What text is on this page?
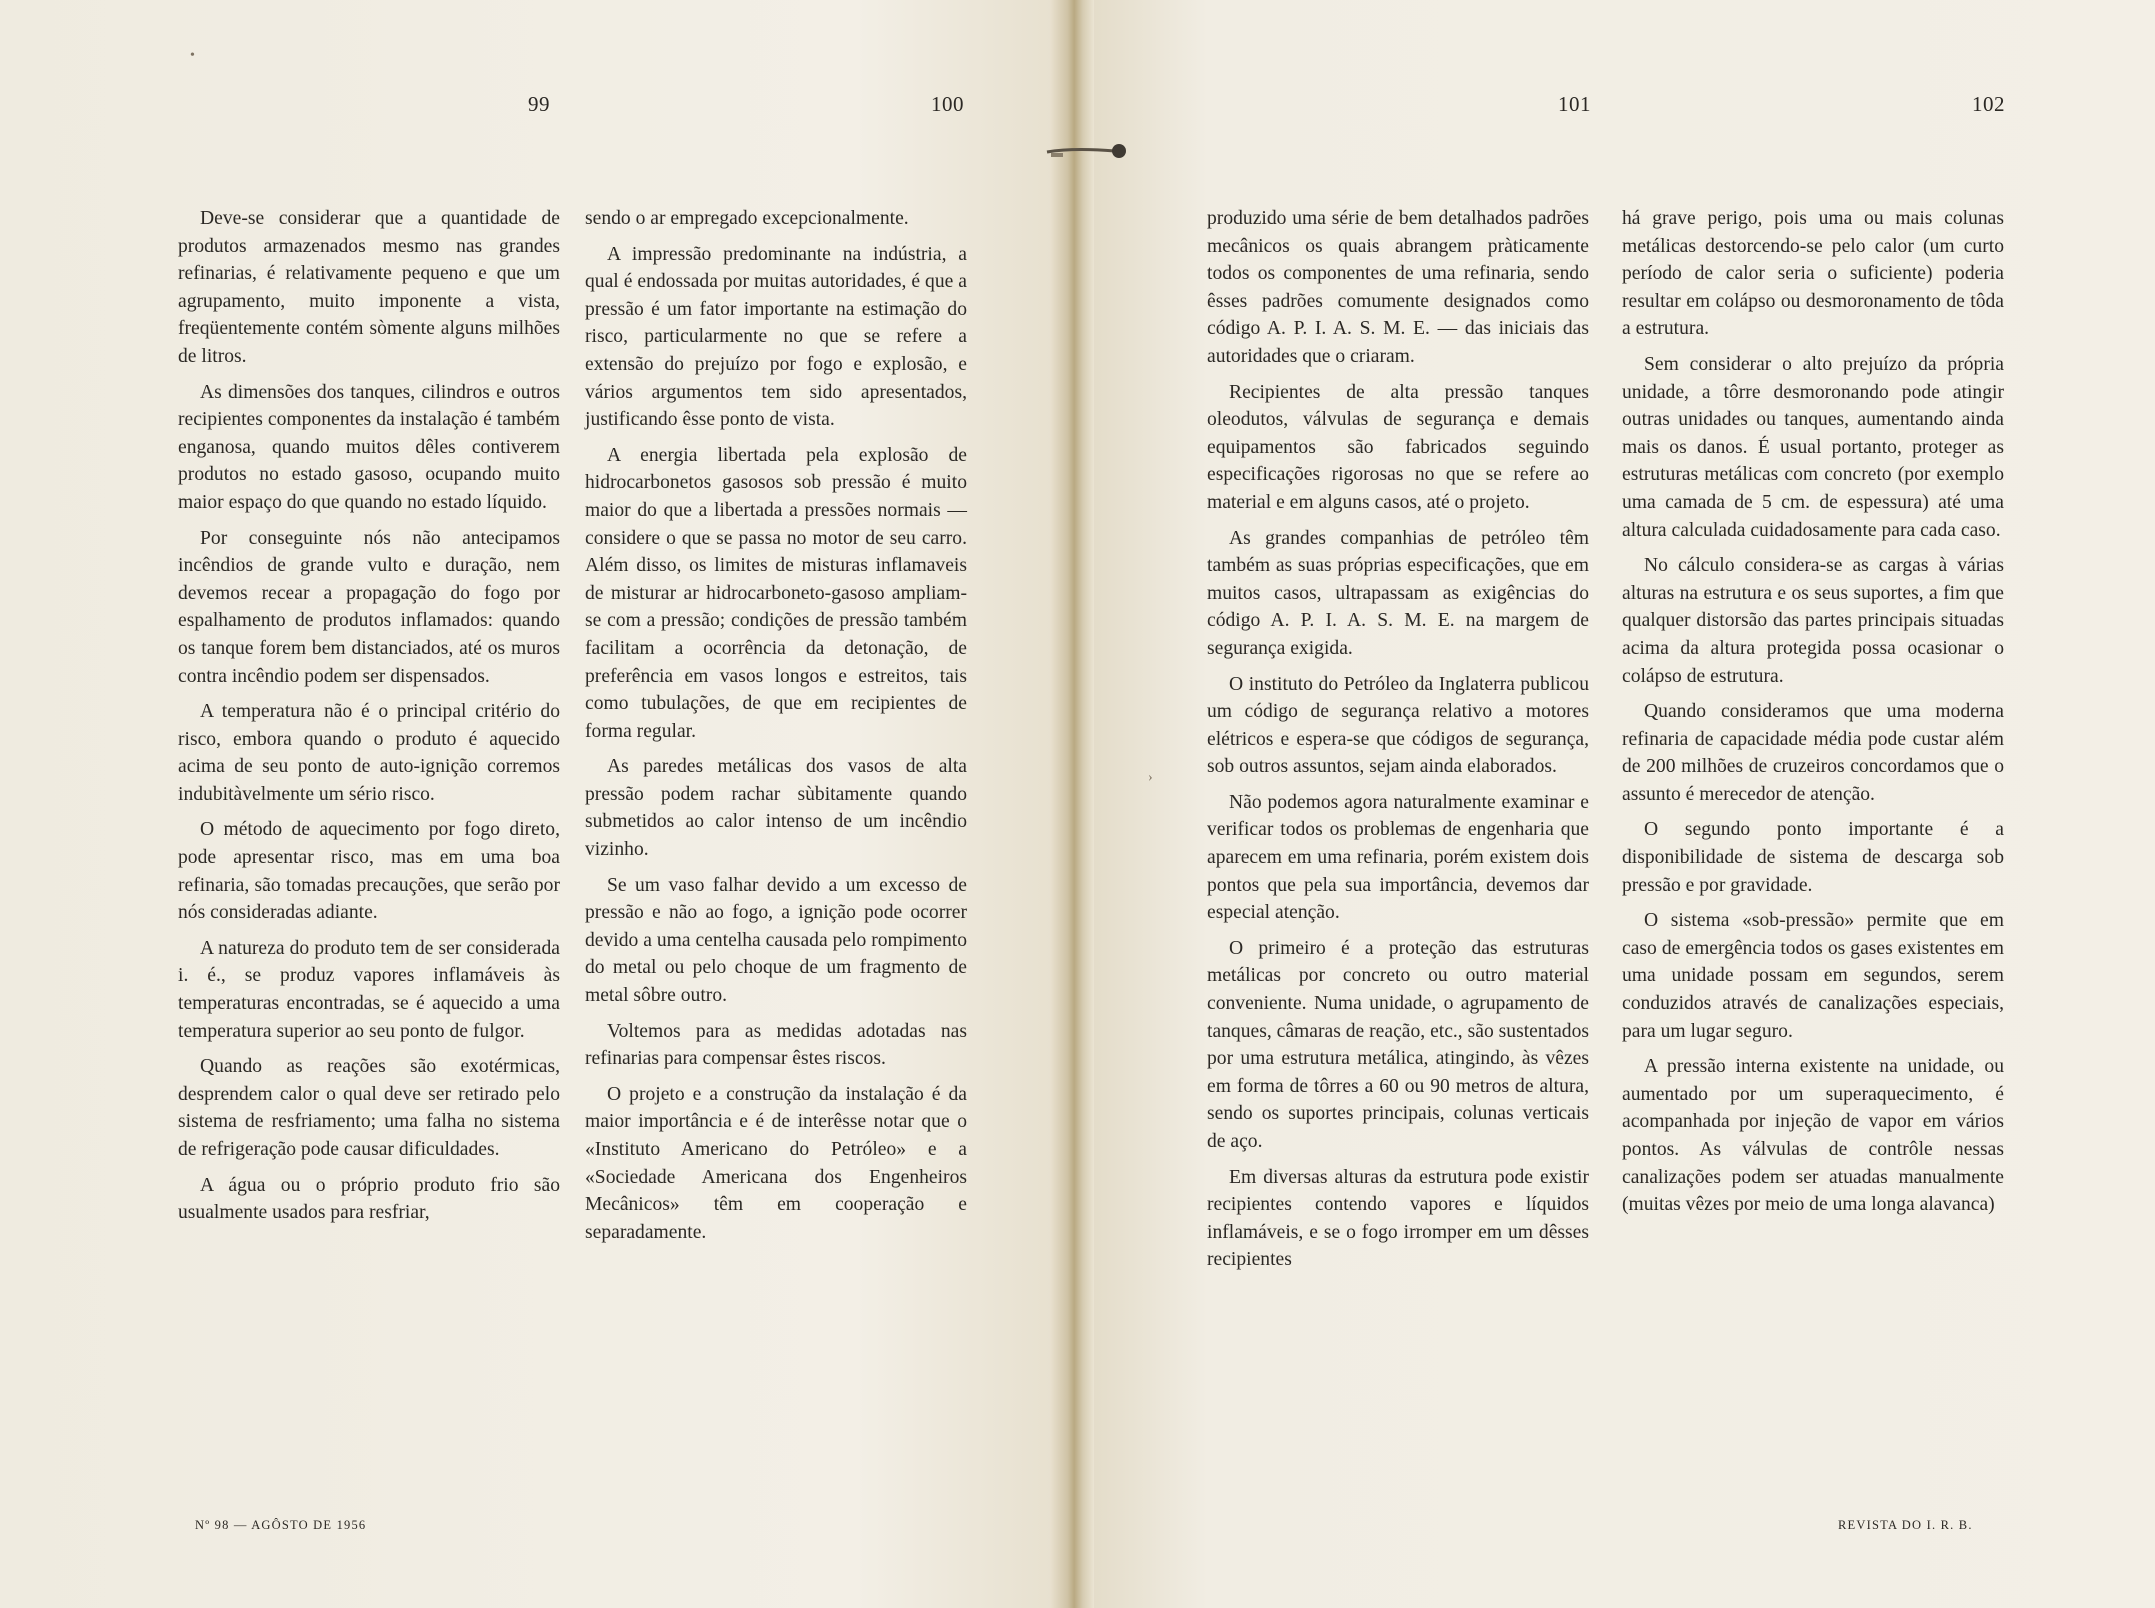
•
›
99	100	101	102

Deve-se considerar que a quantidade de produtos armazenados mesmo nas grandes refinarias, é relativamente pequeno e que um agrupamento, muito imponente a vista, freqüentemente contém sòmente alguns milhões de litros.

As dimensões dos tanques, cilindros e outros recipientes componentes da instalação é também enganosa, quando muitos dêles contiverem produtos no estado gasoso, ocupando muito maior espaço do que quando no estado líquido.

Por conseguinte nós não antecipamos incêndios de grande vulto e duração, nem devemos recear a propagação do fogo por espalhamento de produtos inflamados: quando os tanque forem bem distanciados, até os muros contra incêndio podem ser dispensados.

A temperatura não é o principal critério do risco, embora quando o produto é aquecido acima de seu ponto de auto-ignição corremos indubitàvelmente um sério risco.

O método de aquecimento por fogo direto, pode apresentar risco, mas em uma boa refinaria, são tomadas precauções, que serão por nós consideradas adiante.

A natureza do produto tem de ser considerada i. é., se produz vapores inflamáveis às temperaturas encontradas, se é aquecido a uma temperatura superior ao seu ponto de fulgor.

Quando as reações são exotérmicas, desprendem calor o qual deve ser retirado pelo sistema de resfriamento; uma falha no sistema de refrigeração pode causar dificuldades.

A água ou o próprio produto frio são usualmente usados para resfriar,

sendo o ar empregado excepcionalmente.

A impressão predominante na indústria, a qual é endossada por muitas autoridades, é que a pressão é um fator importante na estimação do risco, particularmente no que se refere a extensão do prejuízo por fogo e explosão, e vários argumentos tem sido apresentados, justificando êsse ponto de vista.

A energia libertada pela explosão de hidrocarbonetos gasosos sob pressão é muito maior do que a libertada a pressões normais — considere o que se passa no motor de seu carro. Além disso, os limites de misturas inflamaveis de misturar ar hidrocarboneto-gasoso ampliam-se com a pressão; condições de pressão também facilitam a ocorrência da detonação, de preferência em vasos longos e estreitos, tais como tubulações, de que em recipientes de forma regular.

As paredes metálicas dos vasos de alta pressão podem rachar sùbitamente quando submetidos ao calor intenso de um incêndio vizinho.

Se um vaso falhar devido a um excesso de pressão e não ao fogo, a ignição pode ocorrer devido a uma centelha causada pelo rompimento do metal ou pelo choque de um fragmento de metal sôbre outro.

Voltemos para as medidas adotadas nas refinarias para compensar êstes riscos.

O projeto e a construção da instalação é da maior importância e é de interêsse notar que o «Instituto Americano do Petróleo» e a «Sociedade Americana dos Engenheiros Mecânicos» têm em cooperação e separadamente.

produzido uma série de bem detalhados padrões mecânicos os quais abrangem pràticamente todos os componentes de uma refinaria, sendo êsses padrões comumente designados como código A. P. I. A. S. M. E. — das iniciais das autoridades que o criaram.

Recipientes de alta pressão tanques oleodutos, válvulas de segurança e demais equipamentos são fabricados seguindo especificações rigorosas no que se refere ao material e em alguns casos, até o projeto.

As grandes companhias de petróleo têm também as suas próprias especificações, que em muitos casos, ultrapassam as exigências do código A. P. I. A. S. M. E. na margem de segurança exigida.

O instituto do Petróleo da Inglaterra publicou um código de segurança relativo a motores elétricos e espera-se que códigos de segurança, sob outros assuntos, sejam ainda elaborados.

Não podemos agora naturalmente examinar e verificar todos os problemas de engenharia que aparecem em uma refinaria, porém existem dois pontos que pela sua importância, devemos dar especial atenção.

O primeiro é a proteção das estruturas metálicas por concreto ou outro material conveniente. Numa unidade, o agrupamento de tanques, câmaras de reação, etc., são sustentados por uma estrutura metálica, atingindo, às vêzes em forma de tôrres a 60 ou 90 metros de altura, sendo os suportes principais, colunas verticais de aço.

Em diversas alturas da estrutura pode existir recipientes contendo vapores e líquidos inflamáveis, e se o fogo irromper em um dêsses recipientes

há grave perigo, pois uma ou mais colunas metálicas destorcendo-se pelo calor (um curto período de calor seria o suficiente) poderia resultar em colápso ou desmoronamento de tôda a estrutura.

Sem considerar o alto prejuízo da própria unidade, a tôrre desmoronando pode atingir outras unidades ou tanques, aumentando ainda mais os danos. É usual portanto, proteger as estruturas metálicas com concreto (por exemplo uma camada de 5 cm. de espessura) até uma altura calculada cuidadosamente para cada caso.

No cálculo considera-se as cargas à várias alturas na estrutura e os seus suportes, a fim que qualquer distorsão das partes principais situadas acima da altura protegida possa ocasionar o colápso de estrutura.

Quando consideramos que uma moderna refinaria de capacidade média pode custar além de 200 milhões de cruzeiros concordamos que o assunto é merecedor de atenção.

O segundo ponto importante é a disponibilidade de sistema de descarga sob pressão e por gravidade.

O sistema «sob-pressão» permite que em caso de emergência todos os gases existentes em uma unidade possam em segundos, serem conduzidos através de canalizações especiais, para um lugar seguro.

A pressão interna existente na unidade, ou aumentado por um superaquecimento, é acompanhada por injeção de vapor em vários pontos. As válvulas de contrôle nessas canalizações podem ser atuadas manualmente (muitas vêzes por meio de uma longa alavanca)

Nº 98 — AGÔSTO DE 1956	REVISTA DO I. R. B.
